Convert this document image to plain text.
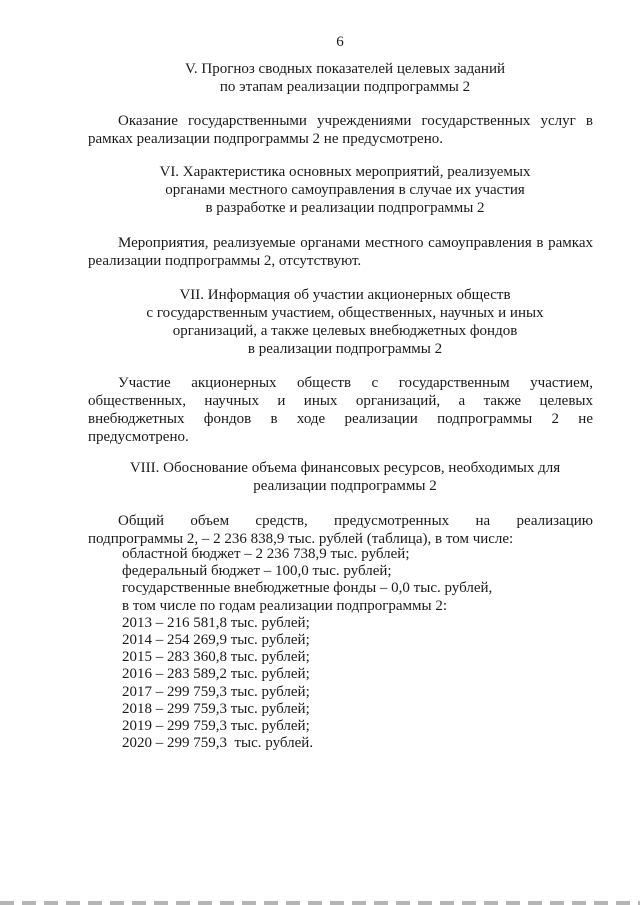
6
V. Прогноз сводных показателей целевых заданий
по этапам реализации подпрограммы 2
Оказание государственными учреждениями государственных услуг в
рамках реализации подпрограммы 2 не предусмотрено.
VI. Характеристика основных мероприятий, реализуемых
органами местного самоуправления в случае их участия
в разработке и реализации подпрограммы 2
Мероприятия, реализуемые органами местного самоуправления в рамках
реализации подпрограммы 2, отсутствуют.
VII. Информация об участии акционерных обществ
с государственным участием, общественных, научных и иных
организаций, а также целевых внебюджетных фондов
в реализации подпрограммы 2
Участие акционерных обществ с государственным участием,
общественных, научных и иных организаций, а также целевых
внебюджетных фондов в ходе реализации подпрограммы 2 не
предусмотрено.
VIII. Обоснование объема финансовых ресурсов, необходимых для
реализации подпрограммы 2
Общий объем средств, предусмотренных на реализацию
подпрограммы 2, – 2 236 838,9 тыс. рублей (таблица), в том числе:
областной бюджет – 2 236 738,9 тыс. рублей;
федеральный бюджет – 100,0 тыс. рублей;
государственные внебюджетные фонды – 0,0 тыс. рублей,
в том числе по годам реализации подпрограммы 2:
2013 – 216 581,8 тыс. рублей;
2014 – 254 269,9 тыс. рублей;
2015 – 283 360,8 тыс. рублей;
2016 – 283 589,2 тыс. рублей;
2017 – 299 759,3 тыс. рублей;
2018 – 299 759,3 тыс. рублей;
2019 – 299 759,3 тыс. рублей;
2020 – 299 759,3  тыс. рублей.
